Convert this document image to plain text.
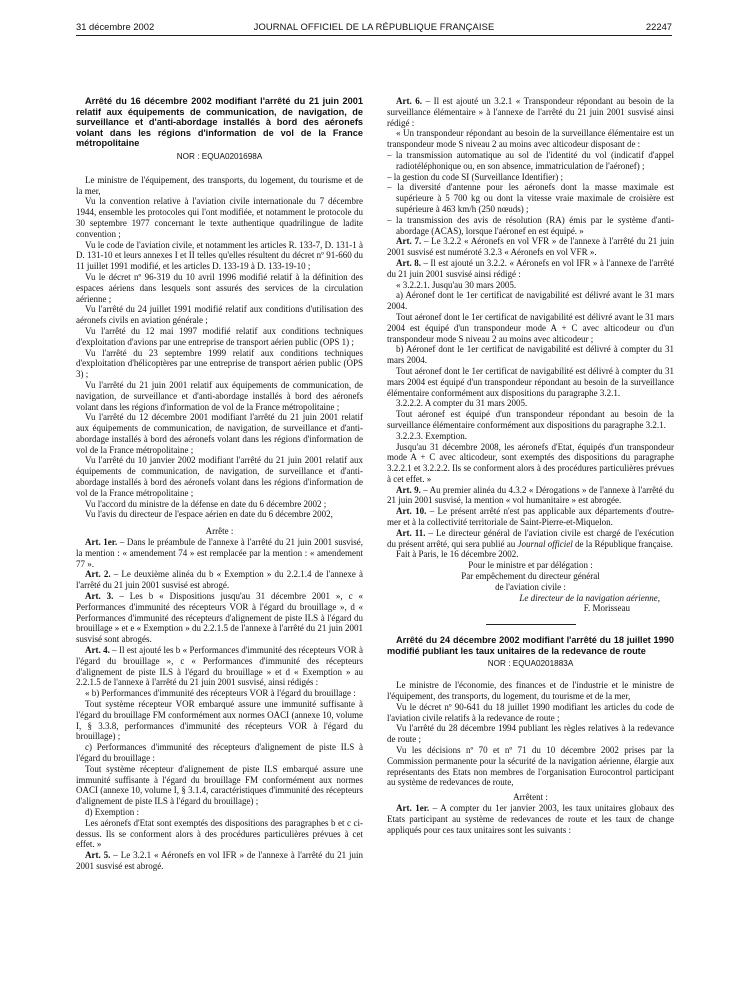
31 décembre 2002	JOURNAL OFFICIEL DE LA RÉPUBLIQUE FRANÇAISE	22247

Arrêté du 16 décembre 2002 modifiant l'arrêté du 21 juin 2001 relatif aux équipements de communication, de navigation, de surveillance et d'anti-abordage installés à bord des aéronefs volant dans les régions d'information de vol de la France métropolitaine

NOR : EQUA0201698A

Le ministre de l'équipement, des transports, du logement, du tourisme et de la mer,

Vu la convention relative à l'aviation civile internationale du 7 décembre 1944, ensemble les protocoles qui l'ont modifiée, et notamment le protocole du 30 septembre 1977 concernant le texte authentique quadrilingue de ladite convention ;

Vu le code de l'aviation civile, et notamment les articles R. 133-7, D. 131-1 à D. 131-10 et leurs annexes I et II telles qu'elles résultent du décret nº 91-660 du 11 juillet 1991 modifié, et les articles D. 133-19 à D. 133-19-10 ;

Vu le décret nº 96-319 du 10 avril 1996 modifié relatif à la définition des espaces aériens dans lesquels sont assurés des services de la circulation aérienne ;

Vu l'arrêté du 24 juillet 1991 modifié relatif aux conditions d'utilisation des aéronefs civils en aviation générale ;

Vu l'arrêté du 12 mai 1997 modifié relatif aux conditions techniques d'exploitation d'avions par une entreprise de transport aérien public (OPS 1) ;

Vu l'arrêté du 23 septembre 1999 relatif aux conditions techniques d'exploitation d'hélicoptères par une entreprise de transport aérien public (OPS 3) ;

Vu l'arrêté du 21 juin 2001 relatif aux équipements de communication, de navigation, de surveillance et d'anti-abordage installés à bord des aéronefs volant dans les régions d'information de vol de la France métropolitaine ;

Vu l'arrêté du 12 décembre 2001 modifiant l'arrêté du 21 juin 2001 relatif aux équipements de communication, de navigation, de surveillance et d'anti-abordage installés à bord des aéronefs volant dans les régions d'information de vol de la France métropolitaine ;

Vu l'arrêté du 10 janvier 2002 modifiant l'arrêté du 21 juin 2001 relatif aux équipements de communication, de navigation, de surveillance et d'anti-abordage installés à bord des aéronefs volant dans les régions d'information de vol de la France métropolitaine ;

Vu l'accord du ministre de la défense en date du 6 décembre 2002 ;

Vu l'avis du directeur de l'espace aérien en date du 6 décembre 2002,

Arrête :

Art. 1er. – Dans le préambule de l'annexe à l'arrêté du 21 juin 2001 susvisé, la mention : « amendement 74 » est remplacée par la mention : « amendement 77 ».

Art. 2. – Le deuxième alinéa du b « Exemption » du 2.2.1.4 de l'annexe à l'arrêté du 21 juin 2001 susvisé est abrogé.

Art. 3. – Les b « Dispositions jusqu'au 31 décembre 2001 », c « Performances d'immunité des récepteurs VOR à l'égard du brouillage », d « Performances d'immunité des récepteurs d'alignement de piste ILS à l'égard du brouillage » et e « Exemption » du 2.2.1.5 de l'annexe à l'arrêté du 21 juin 2001 susvisé sont abrogés.

Art. 4. – Il est ajouté les b « Performances d'immunité des récepteurs VOR à l'égard du brouillage », c « Performances d'immunité des récepteurs d'alignement de piste ILS à l'égard du brouillage » et d « Exemption » au 2.2.1.5 de l'annexe à l'arrêté du 21 juin 2001 susvisé, ainsi rédigés :

« b) Performances d'immunité des récepteurs VOR à l'égard du brouillage :

Tout système récepteur VOR embarqué assure une immunité suffisante à l'égard du brouillage FM conformément aux normes OACI (annexe 10, volume I, § 3.3.8, performances d'immunité des récepteurs VOR à l'égard du brouillage) ;

c) Performances d'immunité des récepteurs d'alignement de piste ILS à l'égard du brouillage :

Tout système récepteur d'alignement de piste ILS embarqué assure une immunité suffisante à l'égard du brouillage FM conformément aux normes OACI (annexe 10, volume I, § 3.1.4, caractéristiques d'immunité des récepteurs d'alignement de piste ILS à l'égard du brouillage) ;

d) Exemption :

Les aéronefs d'Etat sont exemptés des dispositions des paragraphes b et c ci-dessus. Ils se conforment alors à des procédures particulières prévues à cet effet. »

Art. 5. – Le 3.2.1 « Aéronefs en vol IFR » de l'annexe à l'arrêté du 21 juin 2001 susvisé est abrogé.

Art. 6. – Il est ajouté un 3.2.1 « Transpondeur répondant au besoin de la surveillance élémentaire » à l'annexe de l'arrêté du 21 juin 2001 susvisé ainsi rédigé :

« Un transpondeur répondant au besoin de la surveillance élémentaire est un transpondeur mode S niveau 2 au moins avec alticodeur disposant de :

– la transmission automatique au sol de l'identité du vol (indicatif d'appel radiotéléphonique ou, en son absence, immatriculation de l'aéronef) ;

– la gestion du code SI (Surveillance Identifier) ;

– la diversité d'antenne pour les aéronefs dont la masse maximale est supérieure à 5 700 kg ou dont la vitesse vraie maximale de croisière est supérieure à 463 km/h (250 nœuds) ;

– la transmission des avis de résolution (RA) émis par le système d'anti-abordage (ACAS), lorsque l'aéronef en est équipé. »

Art. 7. – Le 3.2.2 « Aéronefs en vol VFR » de l'annexe à l'arrêté du 21 juin 2001 susvisé est numéroté 3.2.3 « Aéronefs en vol VFR ».

Art. 8. – Il est ajouté un 3.2.2. « Aéronefs en vol IFR » à l'annexe de l'arrêté du 21 juin 2001 susvisé ainsi rédigé :

« 3.2.2.1. Jusqu'au 30 mars 2005.

a) Aéronef dont le 1er certificat de navigabilité est délivré avant le 31 mars 2004.

Tout aéronef dont le 1er certificat de navigabilité est délivré avant le 31 mars 2004 est équipé d'un transpondeur mode A + C avec alticodeur ou d'un transpondeur mode S niveau 2 au moins avec alticodeur ;

b) Aéronef dont le 1er certificat de navigabilité est délivré à compter du 31 mars 2004.

Tout aéronef dont le 1er certificat de navigabilité est délivré à compter du 31 mars 2004 est équipé d'un transpondeur répondant au besoin de la surveillance élémentaire conformément aux dispositions du paragraphe 3.2.1.

3.2.2.2. A compter du 31 mars 2005.

Tout aéronef est équipé d'un transpondeur répondant au besoin de la surveillance élémentaire conformément aux dispositions du paragraphe 3.2.1.

3.2.2.3. Exemption.

Jusqu'au 31 décembre 2008, les aéronefs d'Etat, équipés d'un transpondeur mode A + C avec alticodeur, sont exemptés des dispositions du paragraphe 3.2.2.1 et 3.2.2.2. Ils se conforment alors à des procédures particulières prévues à cet effet. »

Art. 9. – Au premier alinéa du 4.3.2 « Dérogations » de l'annexe à l'arrêté du 21 juin 2001 susvisé, la mention « vol humanitaire » est abrogée.

Art. 10. – Le présent arrêté n'est pas applicable aux départements d'outre-mer et à la collectivité territoriale de Saint-Pierre-et-Miquelon.

Art. 11. – Le directeur général de l'aviation civile est chargé de l'exécution du présent arrêté, qui sera publié au Journal officiel de la République française.

Fait à Paris, le 16 décembre 2002.

Pour le ministre et par délégation :

Par empêchement du directeur général

de l'aviation civile :

Le directeur de la navigation aérienne,

F. Morisseau

Arrêté du 24 décembre 2002 modifiant l'arrêté du 18 juillet 1990 modifié publiant les taux unitaires de la redevance de route

NOR : EQUA0201883A

Le ministre de l'économie, des finances et de l'industrie et le ministre de l'équipement, des transports, du logement, du tourisme et de la mer,

Vu le décret nº 90-641 du 18 juillet 1990 modifiant les articles du code de l'aviation civile relatifs à la redevance de route ;

Vu l'arrêté du 28 décembre 1994 publiant les règles relatives à la redevance de route ;

Vu les décisions nº 70 et nº 71 du 10 décembre 2002 prises par la Commission permanente pour la sécurité de la navigation aérienne, élargie aux représentants des Etats non membres de l'organisation Eurocontrol participant au système de redevances de route,

Arrêtent :

Art. 1er. – A compter du 1er janvier 2003, les taux unitaires globaux des Etats participant au système de redevances de route et les taux de change appliqués pour ces taux unitaires sont les suivants :
